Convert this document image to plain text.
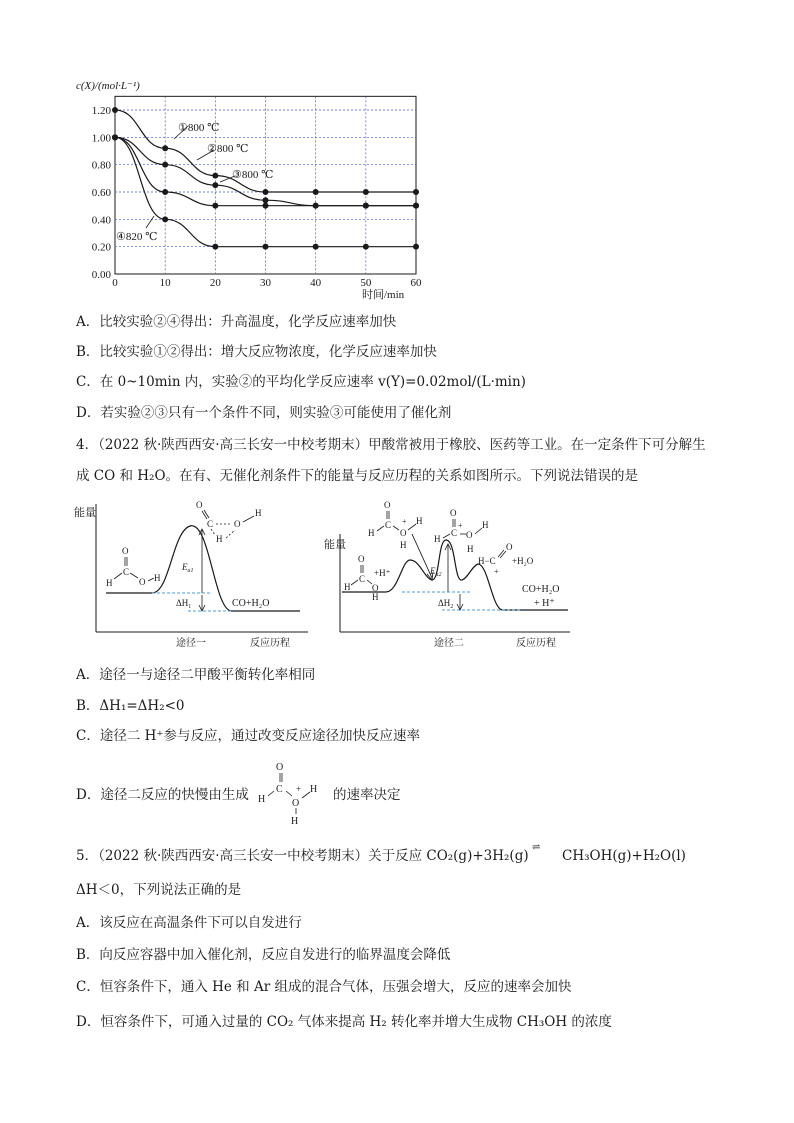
c(X)/(mol·L⁻¹)
时间/min
0	10	20	30	40	50	60
0.00
0.20
0.40
0.60
0.80
1.00
1.20
①800 ℃
②800 ℃
③800 ℃
④820 ℃
A．比较实验②④得出：升高温度，化学反应速率加快
B．比较实验①②得出：增大反应物浓度，化学反应速率加快
C．在 0~10min 内，实验②的平均化学反应速率 v(Y)=0.02mol/(L·min)
D．若实验②③只有一个条件不同，则实验③可能使用了催化剂
4．（2022 秋·陕西西安·高三长安一中校考期末）甲酸常被用于橡胶、医药等工业。在一定条件下可分解生
成 CO 和 H₂O。在有、无催化剂条件下的能量与反应历程的关系如图所示。下列说法错误的是
能量
O
C
H	O H
O
C O
H
H
$E_{a1}$
$\Delta H_1$	CO+H₂O
途径一	反应历程
能量
O
C
H O
H
+H⁺
O
C
H	O
+ H
H
O
C
H
+
O
H
H
H−C
O
+
+H₂O
$E_{a2}$
$\Delta H_2$
CO+H₂O
+ H⁺
途径二	反应历程
A．途径一与途径二甲酸平衡转化率相同
B．ΔH₁=ΔH₂<0
C．途径二 H⁺参与反应，通过改变反应途径加快反应速率
D．途径二反应的快慢由生成
O
H
C
O
+ H
H
的速率决定
5．（2022 秋·陕西西安·高三长安一中校考期末）关于反应 CO₂(g)+3H₂(g)
⇌
CH₃OH(g)+H₂O(l)
ΔH＜0，下列说法正确的是
A．该反应在高温条件下可以自发进行
B．向反应容器中加入催化剂，反应自发进行的临界温度会降低
C．恒容条件下，通入 He 和 Ar 组成的混合气体，压强会增大，反应的速率会加快
D．恒容条件下，可通入过量的 CO₂ 气体来提高 H₂ 转化率并增大生成物 CH₃OH 的浓度
